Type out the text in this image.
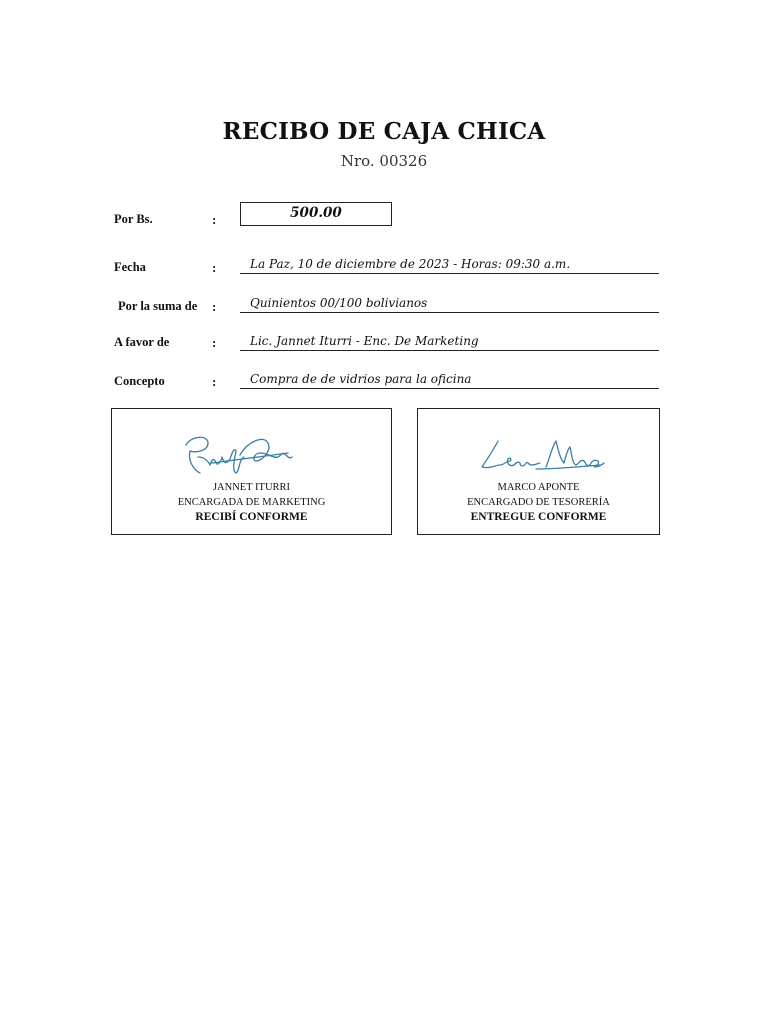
RECIBO DE CAJA CHICA
Nro. 00326
Por Bs.	:	500.00
Fecha	:	La Paz, 10 de diciembre de 2023 - Horas: 09:30 a.m.
Por la suma de :	Quinientos 00/100 bolivianos
A favor de	:	Lic. Jannet Iturri - Enc. De Marketing
Concepto	:	Compra de de vidrios para la oficina
JANNET ITURRI
ENCARGADA DE MARKETING
RECIBÍ CONFORME
MARCO APONTE
ENCARGADO DE TESORERÍA
ENTREGUE CONFORME
